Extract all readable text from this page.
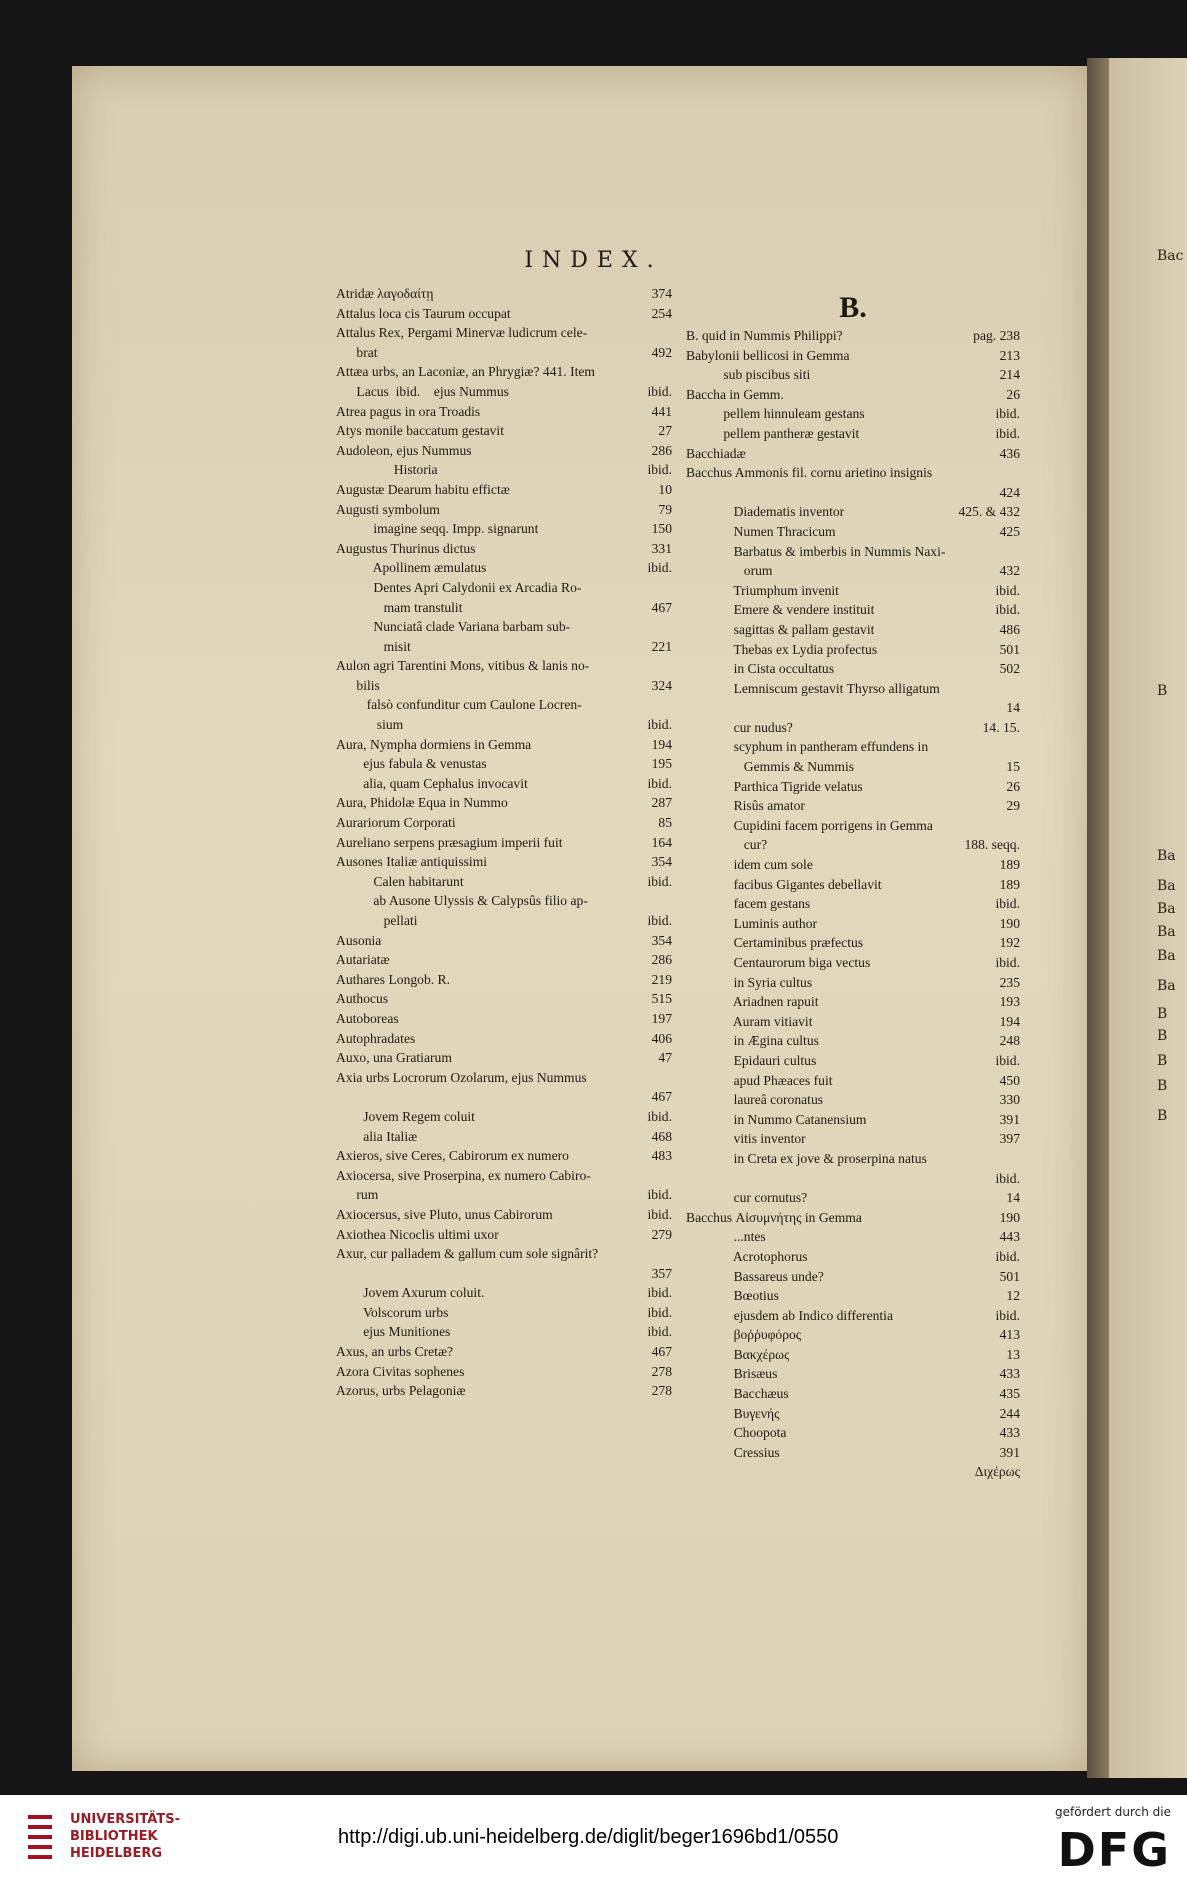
Bac
B
Ba
Ba
Ba
Ba
Ba
Ba
B
B
B
B
B
INDEX.
Atridæ λαγοδαίτῃ	374
Attalus loca cis Taurum occupat	254
Attalus Rex, Pergami Minervæ ludicrum cele-
brat	492
Attæa urbs, an Laconiæ, an Phrygiæ? 441. Item
Lacus  ibid.    ejus Nummus	ibid.
Atrea pagus in ora Troadis	441
Atys monile baccatum gestavit	27
Audoleon, ejus Nummus	286
Historia	ibid.
Augustæ Dearum habitu effictæ	10
Augusti symbolum	79
imagine seqq. Impp. signarunt	150
Augustus Thurinus dictus	331
Apollinem æmulatus	ibid.
Dentes Apri Calydonii ex Arcadia Ro-
mam transtulit	467
Nunciatâ clade Variana barbam sub-
misit	221
Aulon agri Tarentini Mons, vitibus & lanis no-
bilis	324
falsò confunditur cum Caulone Locren-
sium	ibid.
Aura, Nympha dormiens in Gemma	194
ejus fabula & venustas	195
alia, quam Cephalus invocavit	ibid.
Aura, Phidolæ Equa in Nummo	287
Aurariorum Corporati	85
Aureliano serpens præsagium imperii fuit	164
Ausones Italiæ antiquissimi	354
Calen habitarunt	ibid.
ab Ausone Ulyssis & Calypsûs filio ap-
pellati	ibid.
Ausonia	354
Autariatæ	286
Authares Longob. R.	219
Authocus	515
Autoboreas	197
Autophradates	406
Auxo, una Gratiarum	47
Axia urbs Locrorum Ozolarum, ejus Nummus
467
Jovem Regem coluit	ibid.
alia Italiæ	468
Axieros, sive Ceres, Cabirorum ex numero	483
Axiocersa, sive Proserpina, ex numero Cabiro-
rum	ibid.
Axiocersus, sive Pluto, unus Cabirorum	ibid.
Axiothea Nicoclis ultimi uxor	279
Axur, cur palladem & gallum cum sole signârit?
357
Jovem Axurum coluit.	ibid.
Volscorum urbs	ibid.
ejus Munitiones	ibid.
Axus, an urbs Cretæ?	467
Azora Civitas sophenes	278
Azorus, urbs Pelagoniæ	278
B.
B. quid in Nummis Philippi?	pag. 238
Babylonii bellicosi in Gemma	213
sub piscibus siti	214
Baccha in Gemm.	26
pellem hinnuleam gestans	ibid.
pellem pantheræ gestavit	ibid.
Bacchiadæ	436
Bacchus Ammonis fil. cornu arietino insignis
424
Diadematis inventor	425. & 432
Numen Thracicum	425
Barbatus & imberbis in Nummis Naxi-
orum	432
Triumphum invenit	ibid.
Emere & vendere instituit	ibid.
sagittas & pallam gestavit	486
Thebas ex Lydia profectus	501
in Cista occultatus	502
Lemniscum gestavit Thyrso alligatum
14
cur nudus?	14. 15.
scyphum in pantheram effundens in
Gemmis & Nummis	15
Parthica Tigride velatus	26
Risûs amator	29
Cupidini facem porrigens in Gemma
cur?	188. seqq.
idem cum sole	189
facibus Gigantes debellavit	189
facem gestans	ibid.
Luminis author	190
Certaminibus præfectus	192
Centaurorum biga vectus	ibid.
in Syria cultus	235
Ariadnen rapuit	193
Auram vitiavit	194
in Ægina cultus	248
Epidauri cultus	ibid.
apud Phæaces fuit	450
laureâ coronatus	330
in Nummo Catanensium	391
vitis inventor	397
in Creta ex jove & proserpina natus
ibid.
cur cornutus?	14
Bacchus Αἰσυμνήτης in Gemma	190
...ntes	443
Acrotophorus	ibid.
Bassareus unde?	501
Bœotius	12
ejusdem ab Indico differentia	ibid.
βοῤῥυφόρος	413
Βακχέρως	13
Brisæus	433
Bacchæus	435
Βυγενής	244
Choopota	433
Cressius	391
Διχέρως
UNIVERSITÄTS-
BIBLIOTHEK
HEIDELBERG
http://digi.ub.uni-heidelberg.de/diglit/beger1696bd1/0550
gefördert durch die
DFG
